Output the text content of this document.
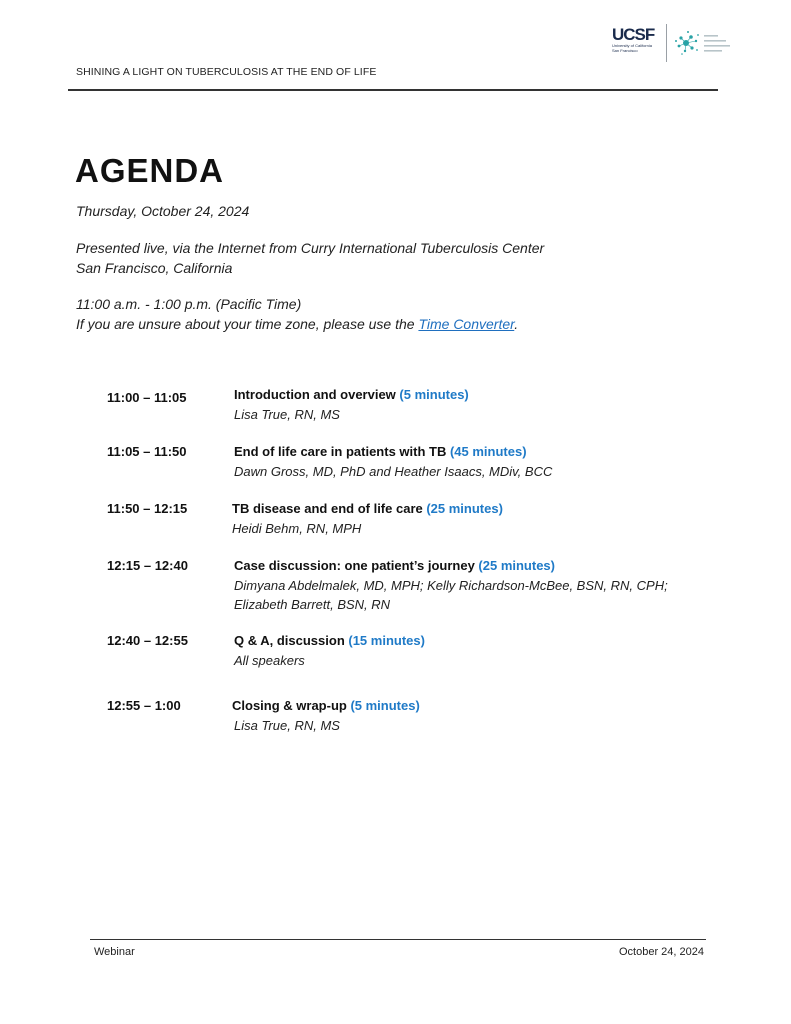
UCSF
University of California
San Francisco
SHINING A LIGHT ON TUBERCULOSIS AT THE END OF LIFE
AGENDA
Thursday, October 24, 2024
Presented live, via the Internet from Curry International Tuberculosis Center
San Francisco, California
11:00 a.m. - 1:00 p.m. (Pacific Time)
If you are unsure about your time zone, please use the Time Converter.
11:00 – 11:05	Introduction and overview (5 minutes)
Lisa True, RN, MS
11:05 – 11:50	End of life care in patients with TB (45 minutes)
Dawn Gross, MD, PhD and Heather Isaacs, MDiv, BCC
11:50 – 12:15	TB disease and end of life care (25 minutes)
Heidi Behm, RN, MPH
12:15 – 12:40	Case discussion: one patient’s journey (25 minutes)
Dimyana Abdelmalek, MD, MPH; Kelly Richardson-McBee, BSN, RN, CPH; Elizabeth Barrett, BSN, RN
12:40 – 12:55	Q & A, discussion (15 minutes)
All speakers
12:55 – 1:00	Closing & wrap-up (5 minutes)
Lisa True, RN, MS
Webinar	October 24, 2024
